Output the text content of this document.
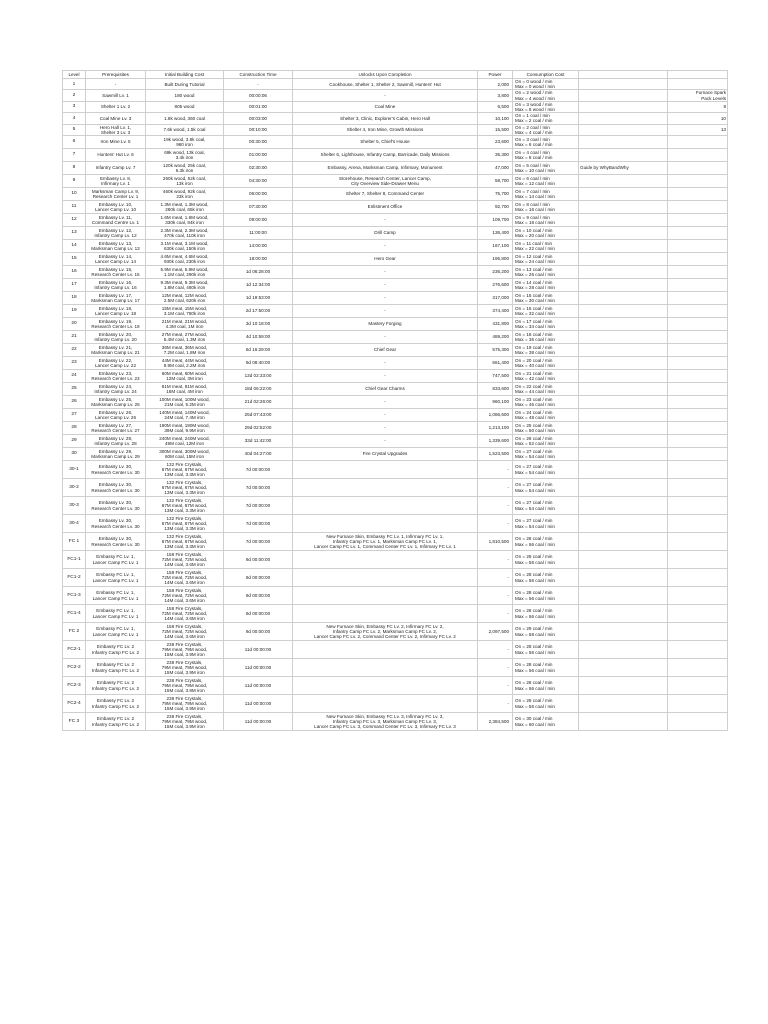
Level	Prerequisites	Initial Building Cost	Construction Time	Unlocks Upon Completion	Power	Consumption Cost		
1	-	Built During Tutorial	-	Cookhouse, Shelter 1, Shelter 2, Sawmill, Hunters' Hut	2,000	On = 0 wood / min
Max = 0 wood / min		
2	Sawmill Lv. 1	180 wood	00:00:06	-	3,800	On = 2 wood / min
Max = 4 wood / min		Furnace Spark
Pack Levels
3	Shelter 1 Lv. 2	805 wood	00:01:00	Coal Mine	6,500	On = 3 wood / min
Max = 6 wood / min		8
4	Coal Mine Lv. 3	1.8k wood, 360 coal	00:03:00	Shelter 3, Clinic, Explorer's Cabin, Hero Hall	10,100	On = 1 coal / min
Max = 2 coal / min		10
5	Hero Hall Lv. 1,
Shelter 3 Lv. 3	7.6k wood, 1.5k coal	00:10:00	Shelter 4, Iron Mine, Growth Missions	15,500	On = 2 coal / min
Max = 4 coal / min		13
6	Iron Mine Lv. 5	19k wood, 3.8k coal,
960 iron	00:30:00	Shelter 5, Chief's House	23,600	On = 3 coal / min
Max = 6 coal / min		
7	Hunters' Hut Lv. 6	69k wood, 13k coal,
3.4k iron	01:00:00	Shelter 6, Lighthouse, Infantry Camp, Barricade, Daily Missions	35,300	On = 4 coal / min
Max = 8 coal / min		
8	Infantry Camp Lv. 7	120k wood, 25k coal,
6.3k iron	02:30:00	Embassy, Arena, Marksman Camp, Infirmary, Monument	47,000	On = 5 coal / min
Max = 10 coal / min	Guide by WhyBandWhy	
9	Embassy Lv. 8,
Infirmary Lv. 1	260k wood, 52k coal,
13k iron	04:30:00	Storehouse, Research Center, Lancer Camp,
City Overview Side-Drawer Menu	58,700	On = 6 coal / min
Max = 12 coal / min		
10	Marksman Camp Lv. 9,
Research Center Lv. 1	460k wood, 92k coal,
23k iron	06:00:00	Shelter 7, Shelter 8, Command Center	75,700	On = 7 coal / min
Max = 14 coal / min		
11	Embassy Lv. 10,
Lancer Camp Lv. 10	1.3M meat, 1.3M wood,
260k coal, 65k iron	07:30:00	Enlistment Office	92,700	On = 8 coal / min
Max = 16 coal / min		
12	Embassy Lv. 11,
Command Centre Lv. 1	1.6M meat, 1.6M wood,
330k coal, 84k iron	09:00:00	-	109,700	On = 9 coal / min
Max = 18 coal / min		
13	Embassy Lv. 12,
Infantry Camp Lv. 12	2.3M meat, 2.3M wood,
470k coal, 110k iron	11:00:00	Drill Camp	136,400	On = 10 coal / min
Max = 20 coal / min		
14	Embassy Lv. 13,
Marksman Camp Lv. 13	3.1M meat, 3.1M wood,
630k coal, 150k iron	14:00:00	-	167,100	On = 11 coal / min
Max = 22 coal / min		
15	Embassy Lv. 14,
Lancer Camp Lv. 14	4.6M meat, 4.6M wood,
930k coal, 230k iron	18:00:00	Hero Gear	195,800	On = 12 coal / min
Max = 24 coal / min		
16	Embassy Lv. 15,
Research Center Lv. 15	5.9M meat, 5.9M wood,
1.1M coal, 290k iron	1d 06:28:00	-	236,200	On = 13 coal / min
Max = 26 coal / min		
17	Embassy Lv. 16,
Infantry Camp Lv. 16	9.3M meat, 9.3M wood,
1.8M coal, 460k iron	1d 12:34:00	-	276,600	On = 14 coal / min
Max = 28 coal / min		
18	Embassy Lv. 17,
Marksman Camp Lv. 17	12M meat, 12M wood,
2.5M coal, 620k iron	1d 19:53:00	-	317,000	On = 15 coal / min
Max = 30 coal / min		
19	Embassy Lv. 18,
Lancer Camp Lv. 18	15M meat, 15M wood,
3.1M coal, 780k iron	2d 17:50:00	-	374,400	On = 16 coal / min
Max = 32 coal / min		
20	Embassy Lv. 19,
Research Center Lv. 19	21M meat, 21M wood,
4.3M coal, 1M iron	3d 10:18:00	Mastery Forging	431,800	On = 17 coal / min
Max = 34 coal / min		
21	Embassy Lv. 20,
Infantry Camp Lv. 20	27M meat, 27M wood,
5.4M coal, 1.3M iron	4d 10:59:00	-	489,200	On = 18 coal / min
Max = 36 coal / min		
22	Embassy Lv. 21,
Marksman Camp Lv. 21	36M meat, 36M wood,
7.2M coal, 1.8M iron	6d 16:29:00	Chief Gear	575,300	On = 19 coal / min
Max = 38 coal / min		
23	Embassy Lv. 22,
Lancer Camp Lv. 22	44M meat, 44M wood,
8.9M coal, 2.2M iron	9d 08:40:00	-	661,400	On = 20 coal / min
Max = 40 coal / min		
24	Embassy Lv. 23,
Research Center Lv. 23	60M meat, 60M wood,
12M coal, 3M iron	13d 02:33:00	-	747,500	On = 21 coal / min
Max = 42 coal / min		
25	Embassy Lv. 24,
Infantry Camp Lv. 24	81M meat, 81M wood,
16M coal, 4M iron	18d 06:22:00	Chief Gear Charms	833,600	On = 22 coal / min
Max = 44 coal / min		
26	Embassy Lv. 25,
Marksman Camp Lv. 25	100M meat, 100M wood,
21M coal, 5.2M iron	21d 02:26:00	-	960,100	On = 23 coal / min
Max = 46 coal / min		
27	Embassy Lv. 26,
Lancer Camp Lv. 26	140M meat, 140M wood,
24M coal, 7.4M iron	25d 07:43:00	-	1,086,600	On = 24 coal / min
Max = 48 coal / min		
28	Embassy Lv. 27,
Research Center Lv. 27	190M meat, 190M wood,
39M coal, 9.9M iron	29d 02:52:00	-	1,213,100	On = 25 coal / min
Max = 50 coal / min		
29	Embassy Lv. 28,
Infantry Camp Lv. 28	240M meat, 240M wood,
49M coal, 12M iron	33d 11:42:00	-	1,339,600	On = 26 coal / min
Max = 52 coal / min		
30	Embassy Lv. 29,
Marksman Camp Lv. 29	300M meat, 300M wood,
60M coal, 15M iron	40d 04:27:00	Fire Crystal Upgrades	1,523,500	On = 27 coal / min
Max = 54 coal / min		
30-1	Embassy Lv. 30,
Research Center Lv. 30	132 Fire Crystals,
67M meat, 67M wood,
13M coal, 3.3M iron	7d 00:00:00		-	On = 27 coal / min
Max = 54 coal / min		
30-2	Embassy Lv. 30,
Research Center Lv. 30	132 Fire Crystals,
67M meat, 67M wood,
13M coal, 3.3M iron	7d 00:00:00		-	On = 27 coal / min
Max = 54 coal / min		
30-3	Embassy Lv. 30,
Research Center Lv. 30	132 Fire Crystals,
67M meat, 67M wood,
13M coal, 3.3M iron	7d 00:00:00		-	On = 27 coal / min
Max = 54 coal / min		
30-4	Embassy Lv. 30,
Research Center Lv. 30	132 Fire Crystals,
67M meat, 67M wood,
13M coal, 3.3M iron	7d 00:00:00		-	On = 27 coal / min
Max = 54 coal / min		
FC 1	Embassy Lv. 30,
Research Center Lv. 30	132 Fire Crystals,
67M meat, 67M wood,
13M coal, 3.3M iron	7d 00:00:00	New Furnace Skin, Embassy FC Lv. 1, Infirmary FC Lv. 1,
Infantry Camp FC Lv. 1, Marksman Camp FC Lv. 1,
Lancer Camp FC Lv. 1, Command Center FC Lv. 1, Infirmary FC Lv. 1	1,810,500	On = 28 coal / min
Max = 56 coal / min		
FC1-1	Embassy FC Lv. 1,
Lancer Camp FC Lv. 1	158 Fire Crystals,
72M meat, 72M wood,
14M coal, 3.6M iron	9d 00:00:00		-	On = 28 coal / min
Max = 56 coal / min		
FC1-2	Embassy FC Lv. 1,
Lancer Camp FC Lv. 1	158 Fire Crystals,
72M meat, 72M wood,
14M coal, 3.6M iron	9d 00:00:00		-	On = 28 coal / min
Max = 56 coal / min		
FC1-3	Embassy FC Lv. 1,
Lancer Camp FC Lv. 1	158 Fire Crystals,
72M meat, 72M wood,
14M coal, 3.6M iron	9d 00:00:00		-	On = 28 coal / min
Max = 56 coal / min		
FC1-4	Embassy FC Lv. 1,
Lancer Camp FC Lv. 1	158 Fire Crystals,
72M meat, 72M wood,
14M coal, 3.6M iron	9d 00:00:00		-	On = 28 coal / min
Max = 56 coal / min		
FC 2	Embassy FC Lv. 1,
Lancer Camp FC Lv. 1	158 Fire Crystals,
72M meat, 72M wood,
14M coal, 3.6M iron	9d 00:00:00	New Furnace Skin, Embassy FC Lv. 2, Infirmary FC Lv. 2,
Infantry Camp FC Lv. 2, Marksman Camp FC Lv. 2,
Lancer Camp FC Lv. 2, Command Center FC Lv. 2, Infirmary FC Lv. 2	2,097,500	On = 29 coal / min
Max = 58 coal / min		
FC2-1	Embassy FC Lv. 2
Infantry Camp FC Lv. 2	238 Fire Crystals,
79M meat, 79M wood,
15M coal, 3.9M iron	11d 00:00:00		-	On = 28 coal / min
Max = 56 coal / min		
FC2-2	Embassy FC Lv. 2
Infantry Camp FC Lv. 2	238 Fire Crystals,
79M meat, 79M wood,
15M coal, 3.9M iron	11d 00:00:00		-	On = 28 coal / min
Max = 56 coal / min		
FC2-3	Embassy FC Lv. 2
Infantry Camp FC Lv. 2	238 Fire Crystals,
79M meat, 79M wood,
15M coal, 3.9M iron	11d 00:00:00		-	On = 28 coal / min
Max = 56 coal / min		
FC2-4	Embassy FC Lv. 2
Infantry Camp FC Lv. 2	238 Fire Crystals,
79M meat, 79M wood,
15M coal, 3.9M iron	11d 00:00:00		-	On = 28 coal / min
Max = 56 coal / min		
FC 3	Embassy FC Lv. 2
Infantry Camp FC Lv. 2	238 Fire Crystals,
79M meat, 79M wood,
15M coal, 3.9M iron	11d 00:00:00	New Furnace Skin, Embassy FC Lv. 3, Infirmary FC Lv. 3,
Infantry Camp FC Lv. 3, Marksman Camp FC Lv. 3,
Lancer Camp FC Lv. 3, Command Center FC Lv. 3, Infirmary FC Lv. 3	2,384,500	On = 30 coal / min
Max = 60 coal / min		
